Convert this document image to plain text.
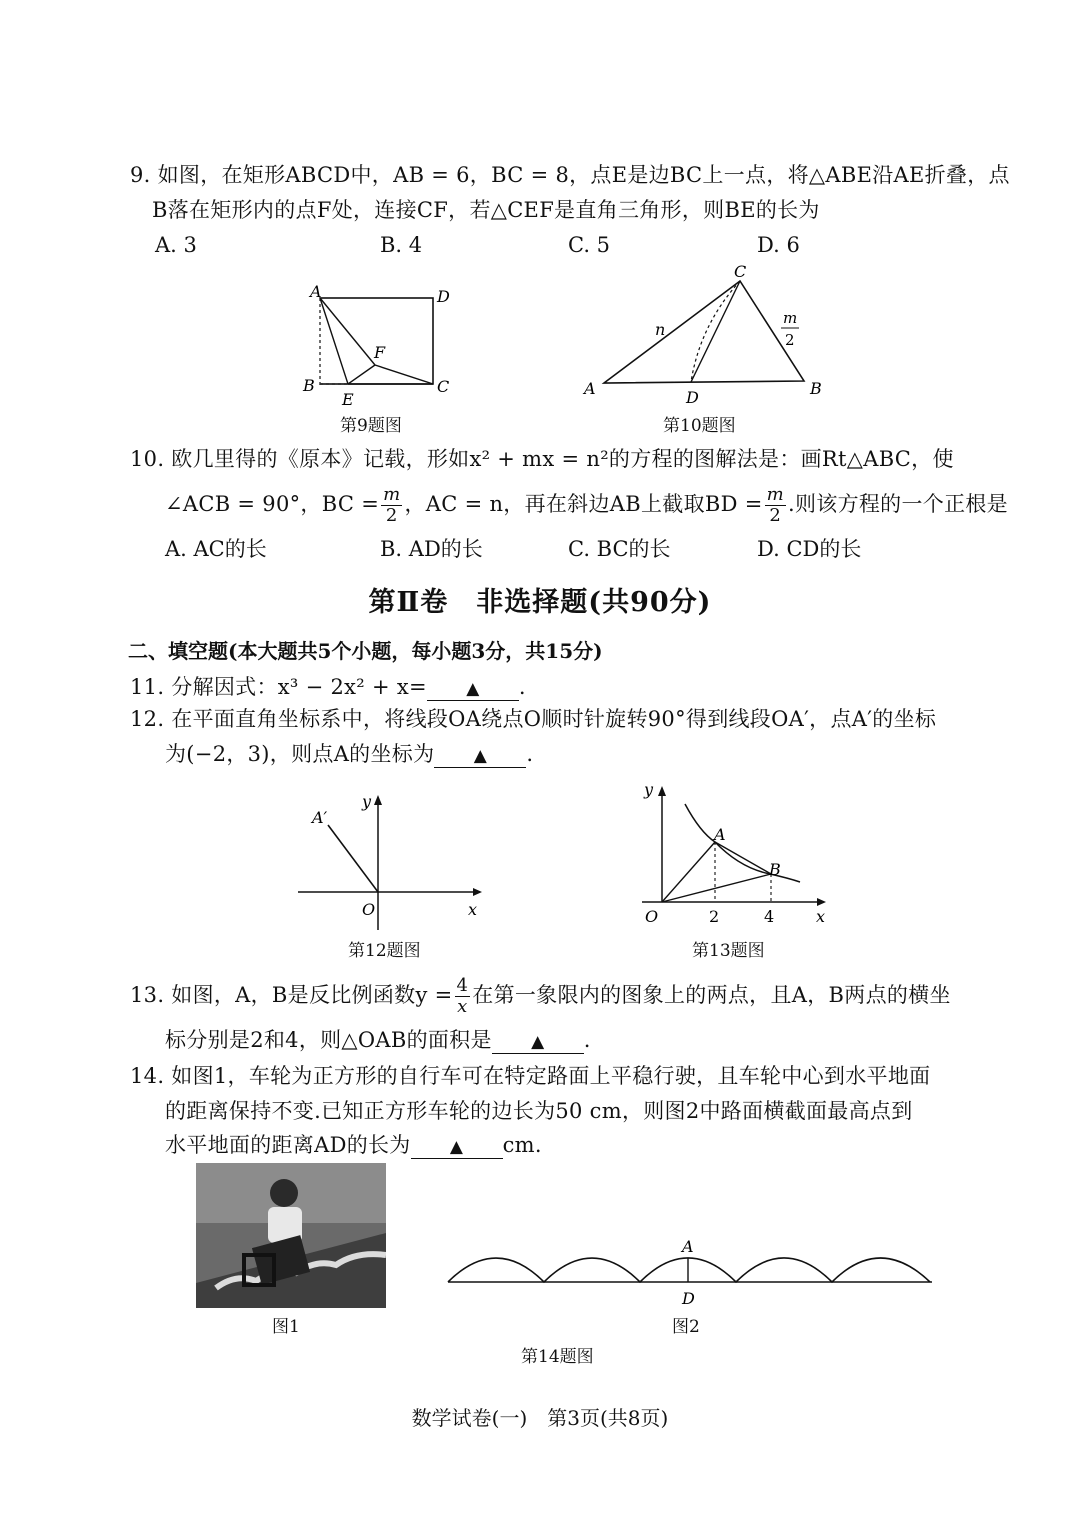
9. 如图，在矩形ABCD中，AB = 6，BC = 8，点E是边BC上一点，将△ABE沿AE折叠，点
B落在矩形内的点F处，连接CF，若△CEF是直角三角形，则BE的长为
A. 3	B. 4	C. 5	D. 6
A	D
B	C
E
F
第9题图
C
A	B
D
n
m
2
第10题图
10. 欧几里得的《原本》记载，形如x² + mx = n²的方程的图解法是：画Rt△ABC，使
∠ACB = 90°，BC = $\frac{m}{2}$ ，AC = n，再在斜边AB上截取BD = $\frac{m}{2}$ .则该方程的一个正根是
A. AC的长	B. AD的长	C. BC的长	D. CD的长
第Ⅱ卷　非选择题(共90分)
二、填空题(本大题共5个小题，每小题3分，共15分)
11. 分解因式：x³ − 2x² + x= ▲ .
12. 在平面直角坐标系中，将线段OA绕点O顺时针旋转90°得到线段OA′，点A′的坐标
为(−2，3)，则点A的坐标为 ▲ .
A′
y
O	x
第12题图
y
O	x
A
B
2	4
第13题图
13. 如图，A，B是反比例函数$y = \frac{4}{x}$ 在第一象限内的图象上的两点，且A，B两点的横坐
标分别是2和4，则△OAB的面积是 ▲ .
14. 如图1，车轮为正方形的自行车可在特定路面上平稳行驶，且车轮中心到水平地面
的距离保持不变.已知正方形车轮的边长为50 cm，则图2中路面横截面最高点到
水平地面的距离AD的长为 ▲ cm.
图1
A
D
图2
第14题图
数学试卷(一)　第3页(共8页)
